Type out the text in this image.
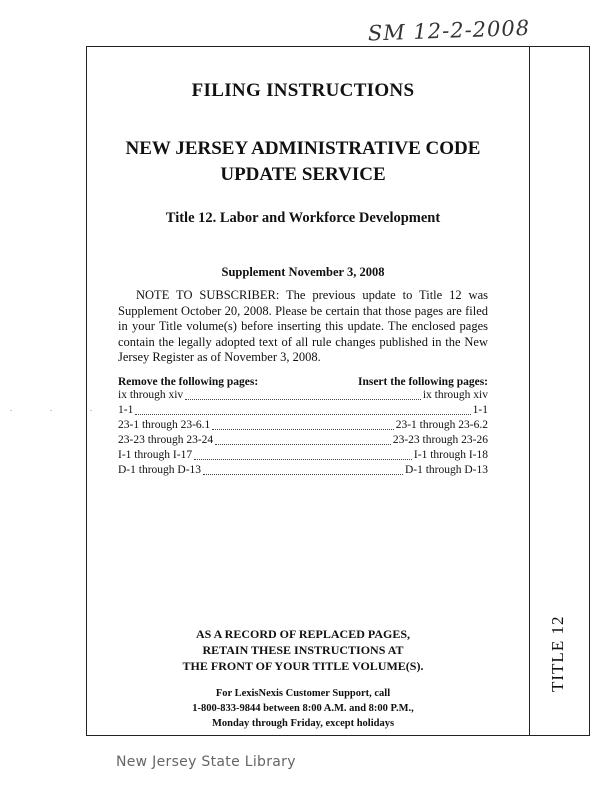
SM 12-2-2008
TITLE 12
FILING INSTRUCTIONS
NEW JERSEY ADMINISTRATIVE CODE
UPDATE SERVICE
Title 12. Labor and Workforce Development
Supplement November 3, 2008

NOTE TO SUBSCRIBER: The previous update to Title 12 was Supplement October 20, 2008. Please be certain that those pages are filed in your Title volume(s) before inserting this update. The enclosed pages contain the legally adopted text of all rule changes published in the New Jersey Register as of November 3, 2008.

Remove the following pages:	Insert the following pages:
ix through xiv	ix through xiv
1-1	1-1
23-1 through 23-6.1	23-1 through 23-6.2
23-23 through 23-24	23-23 through 23-26
I-1 through I-17	I-1 through I-18
D-1 through D-13	D-1 through D-13

AS A RECORD OF REPLACED PAGES,

RETAIN THESE INSTRUCTIONS AT

THE FRONT OF YOUR TITLE VOLUME(S).

For LexisNexis Customer Support, call

1-800-833-9844 between 8:00 A.M. and 8:00 P.M.,

Monday through Friday, except holidays

. . .
New Jersey State Library
